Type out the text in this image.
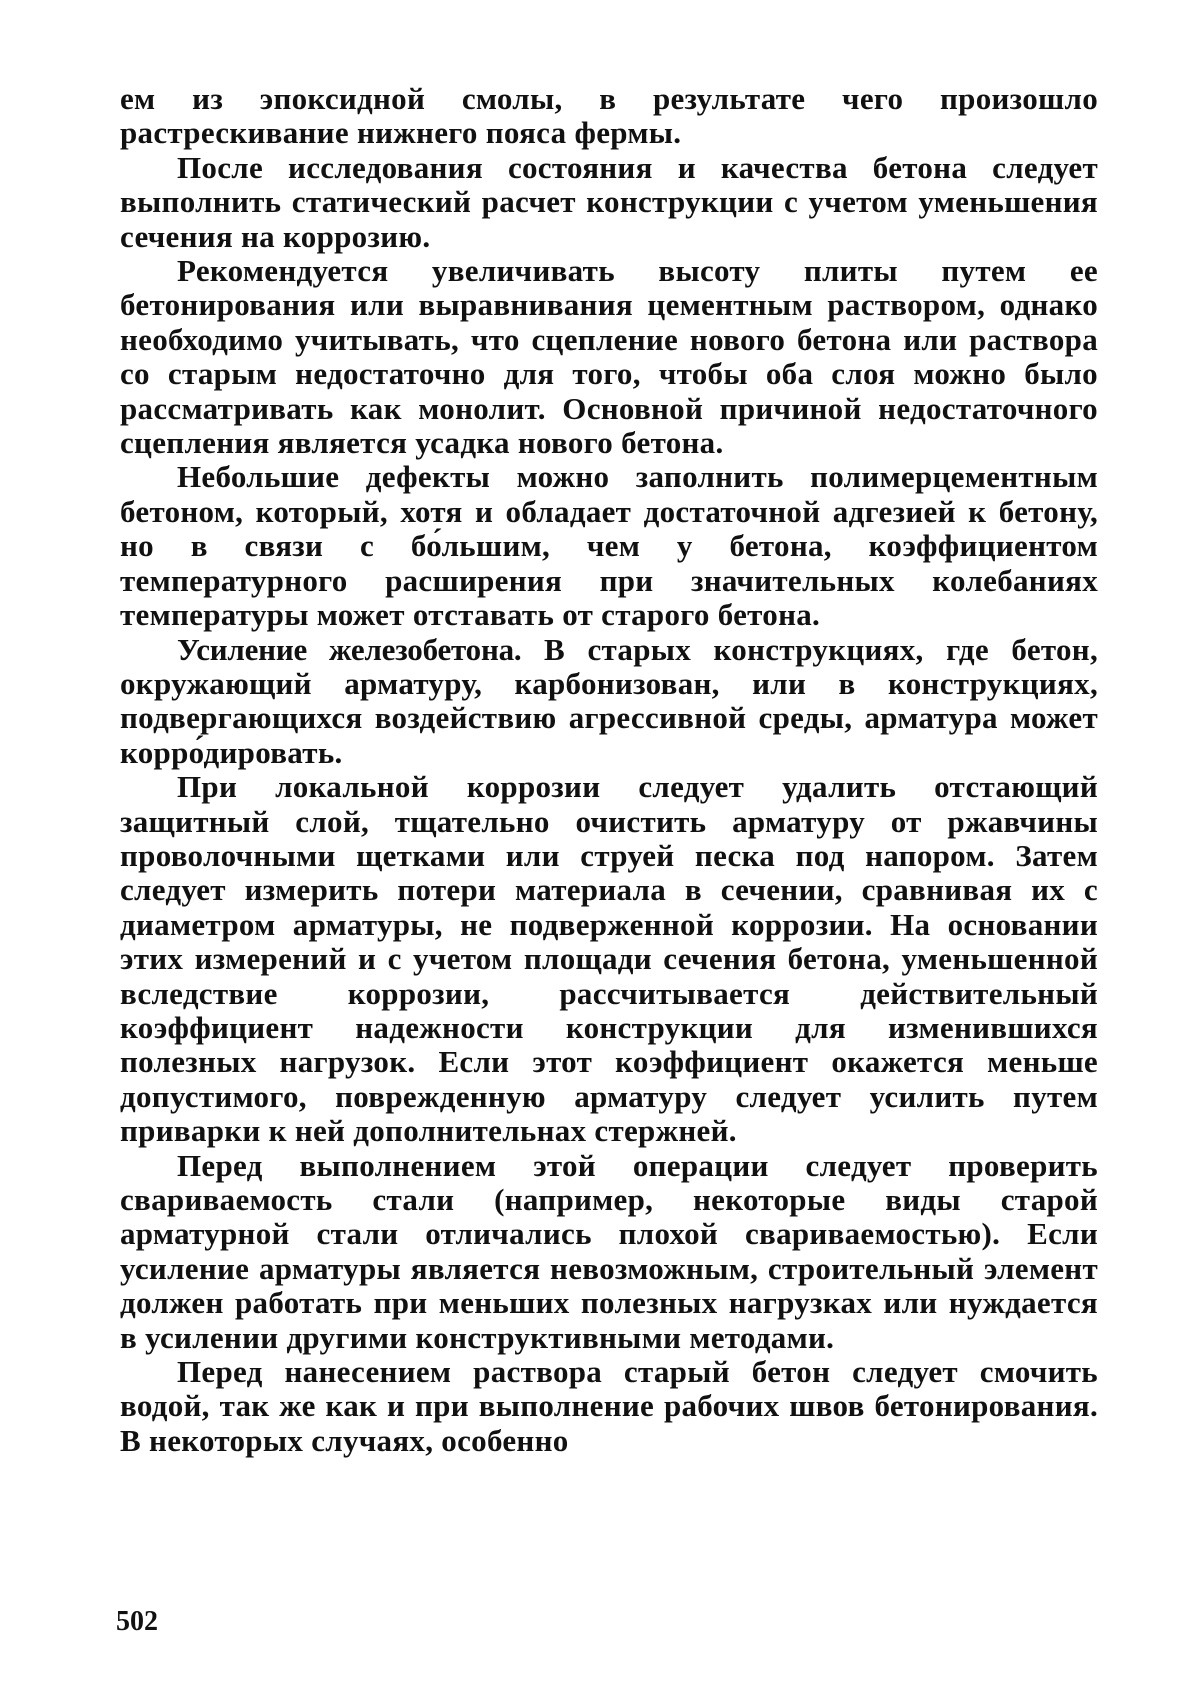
ем из эпоксидной смолы, в результате чего произошло растрескивание нижнего пояса фермы.

После исследования состояния и качества бетона следует выполнить статический расчет конструкции с учетом уменьшения сечения на коррозию.

Рекомендуется увеличивать высоту плиты путем ее бетонирования или выравнивания цементным раствором, однако необходимо учитывать, что сцепление нового бетона или раствора со старым недостаточно для того, чтобы оба слоя можно было рассматривать как монолит. Основной причиной недостаточного сцепления является усадка нового бетона.

Небольшие дефекты можно заполнить полимерцементным бетоном, который, хотя и обладает достаточной адгезией к бетону, но в связи с бо́льшим, чем у бетона, коэффициентом температурного расширения при значительных колебаниях температуры может отставать от старого бетона.

Усиление железобетона. В старых конструкциях, где бетон, окружающий арматуру, карбонизован, или в конструкциях, подвергающихся воздействию агрессивной среды, арматура может корро́дировать.

При локальной коррозии следует удалить отстающий защитный слой, тщательно очистить арматуру от ржавчины проволочными щетками или струей песка под напором. Затем следует измерить потери материала в сечении, сравнивая их с диаметром арматуры, не подверженной коррозии. На основании этих измерений и с учетом площади сечения бетона, уменьшенной вследствие коррозии, рассчитывается действительный коэффициент надежности конструкции для изменившихся полезных нагрузок. Если этот коэффициент окажется меньше допустимого, поврежденную арматуру следует усилить путем приварки к ней дополнительнах стержней.

Перед выполнением этой операции следует проверить свариваемость стали (например, некоторые виды старой арматурной стали отличались плохой свариваемостью). Если усиление арматуры является невозможным, строительный элемент должен работать при меньших полезных нагрузках или нуждается в усилении другими конструктивными методами.

Перед нанесением раствора старый бетон следует смочить водой, так же как и при выполнение рабочих швов бетонирования. В некоторых случаях, особенно

502
